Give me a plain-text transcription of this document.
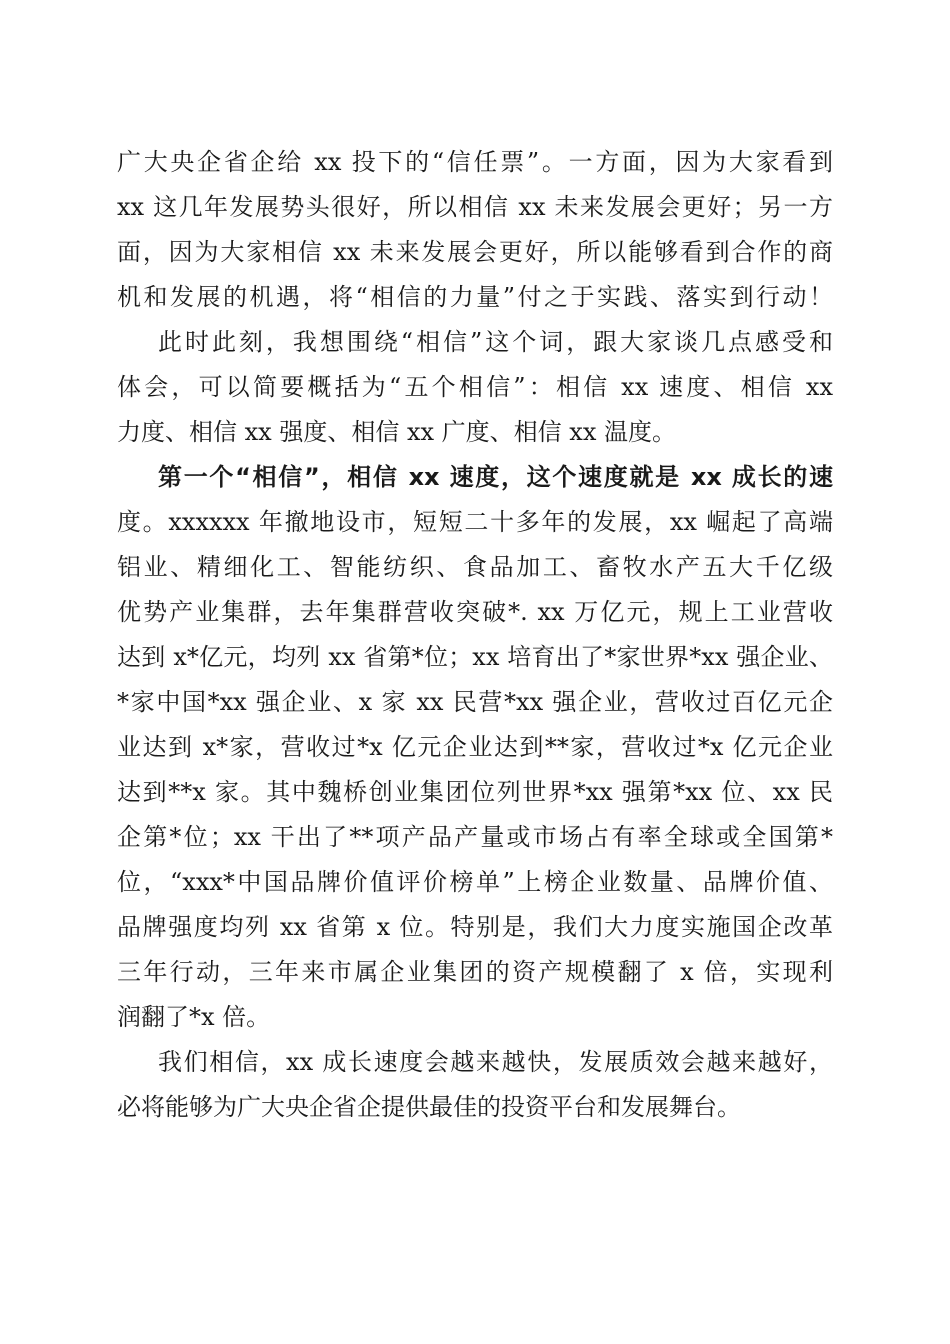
广大央企省企给 xx 投下的“信任票”。一方面，因为大家看到
xx 这几年发展势头很好，所以相信 xx 未来发展会更好；另一方
面，因为大家相信 xx 未来发展会更好，所以能够看到合作的商
机和发展的机遇，将“相信的力量”付之于实践、落实到行动！
此时此刻，我想围绕“相信”这个词，跟大家谈几点感受和
体会，可以简要概括为“五个相信”：相信 xx 速度、相信 xx
力度、相信 xx 强度、相信 xx 广度、相信 xx 温度。
第一个“相信”，相信 xx 速度，这个速度就是 xx 成长的速
度。xxxxxx 年撤地设市，短短二十多年的发展，xx 崛起了高端
铝业、精细化工、智能纺织、食品加工、畜牧水产五大千亿级
优势产业集群，去年集群营收突破*. xx 万亿元，规上工业营收
达到 x*亿元，均列 xx 省第*位；xx 培育出了*家世界*xx 强企业、
*家中国*xx 强企业、x 家 xx 民营*xx 强企业，营收过百亿元企
业达到 x*家，营收过*x 亿元企业达到**家，营收过*x 亿元企业
达到**x 家。其中魏桥创业集团位列世界*xx 强第*xx 位、xx 民
企第*位；xx 干出了**项产品产量或市场占有率全球或全国第*
位，“xxx*中国品牌价值评价榜单”上榜企业数量、品牌价值、
品牌强度均列 xx 省第 x 位。特别是，我们大力度实施国企改革
三年行动，三年来市属企业集团的资产规模翻了 x 倍，实现利
润翻了*x 倍。
我们相信，xx 成长速度会越来越快，发展质效会越来越好，
必将能够为广大央企省企提供最佳的投资平台和发展舞台。
